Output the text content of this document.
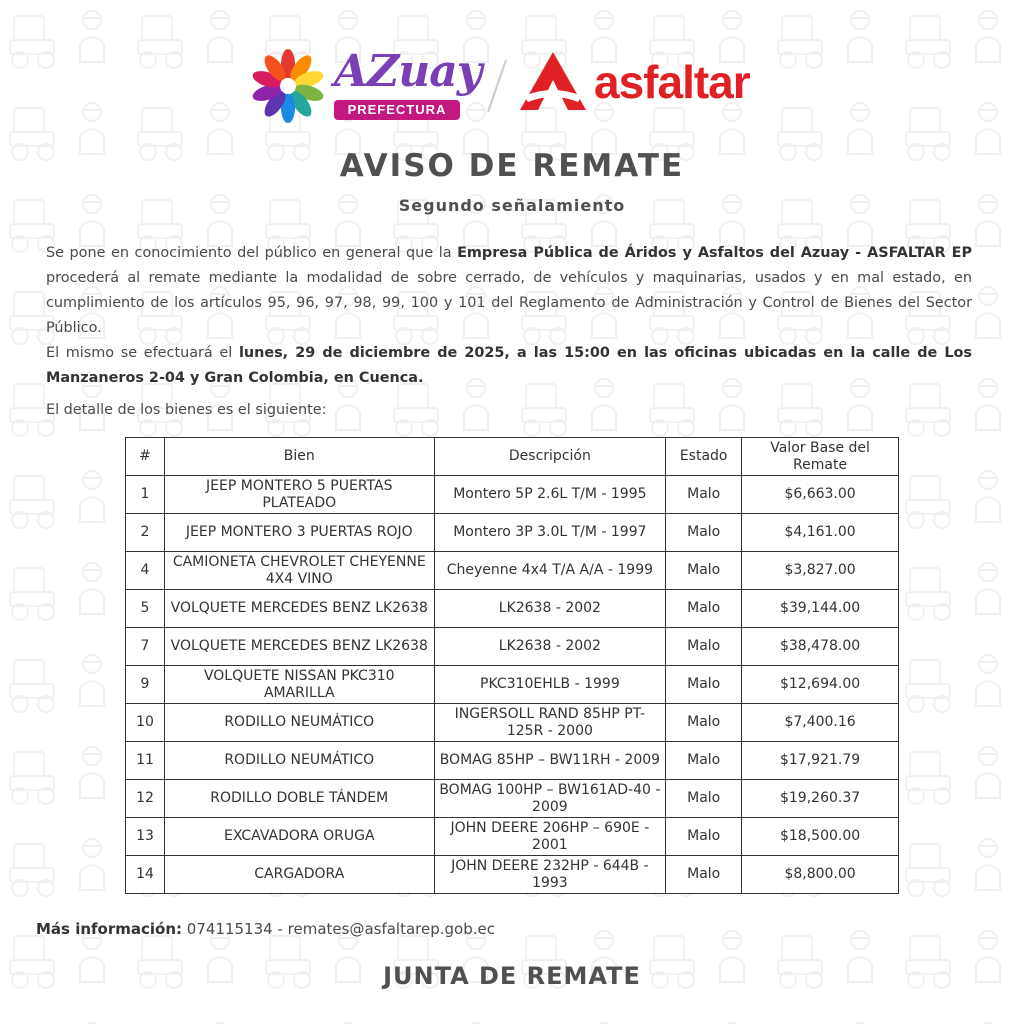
AZuay
PREFECTURA
asfaltar
AVISO DE REMATE
Segundo señalamiento

Se pone en conocimiento del público en general que la Empresa Pública de Áridos y Asfaltos del Azuay - ASFALTAR EP procederá al remate mediante la modalidad de sobre cerrado, de vehículos y maquinarias, usados y en mal estado, en cumplimiento de los artículos 95, 96, 97, 98, 99, 100 y 101 del Reglamento de Administración y Control de Bienes del Sector Público.

El mismo se efectuará el lunes, 29 de diciembre de 2025, a las 15:00 en las oficinas ubicadas en la calle de Los Manzaneros 2-04 y Gran Colombia, en Cuenca.

El detalle de los bienes es el siguiente:

#	Bien	Descripción	Estado	Valor Base del Remate
1	JEEP MONTERO 5 PUERTAS PLATEADO	Montero 5P 2.6L T/M - 1995	Malo	$6,663.00
2	JEEP MONTERO 3 PUERTAS ROJO	Montero 3P 3.0L T/M - 1997	Malo	$4,161.00
4	CAMIONETA CHEVROLET CHEYENNE 4X4 VINO	Cheyenne 4x4 T/A A/A - 1999	Malo	$3,827.00
5	VOLQUETE MERCEDES BENZ LK2638	LK2638 - 2002	Malo	$39,144.00
7	VOLQUETE MERCEDES BENZ LK2638	LK2638 - 2002	Malo	$38,478.00
9	VOLQUETE NISSAN PKC310 AMARILLA	PKC310EHLB - 1999	Malo	$12,694.00
10	RODILLO NEUMÁTICO	INGERSOLL RAND 85HP PT-125R - 2000	Malo	$7,400.16
11	RODILLO NEUMÁTICO	BOMAG 85HP – BW11RH - 2009	Malo	$17,921.79
12	RODILLO DOBLE TÁNDEM	BOMAG 100HP – BW161AD-40 - 2009	Malo	$19,260.37
13	EXCAVADORA ORUGA	JOHN DEERE 206HP – 690E - 2001	Malo	$18,500.00
14	CARGADORA	JOHN DEERE 232HP - 644B - 1993	Malo	$8,800.00
Más información: 074115134 - remates@asfaltarep.gob.ec
JUNTA DE REMATE
